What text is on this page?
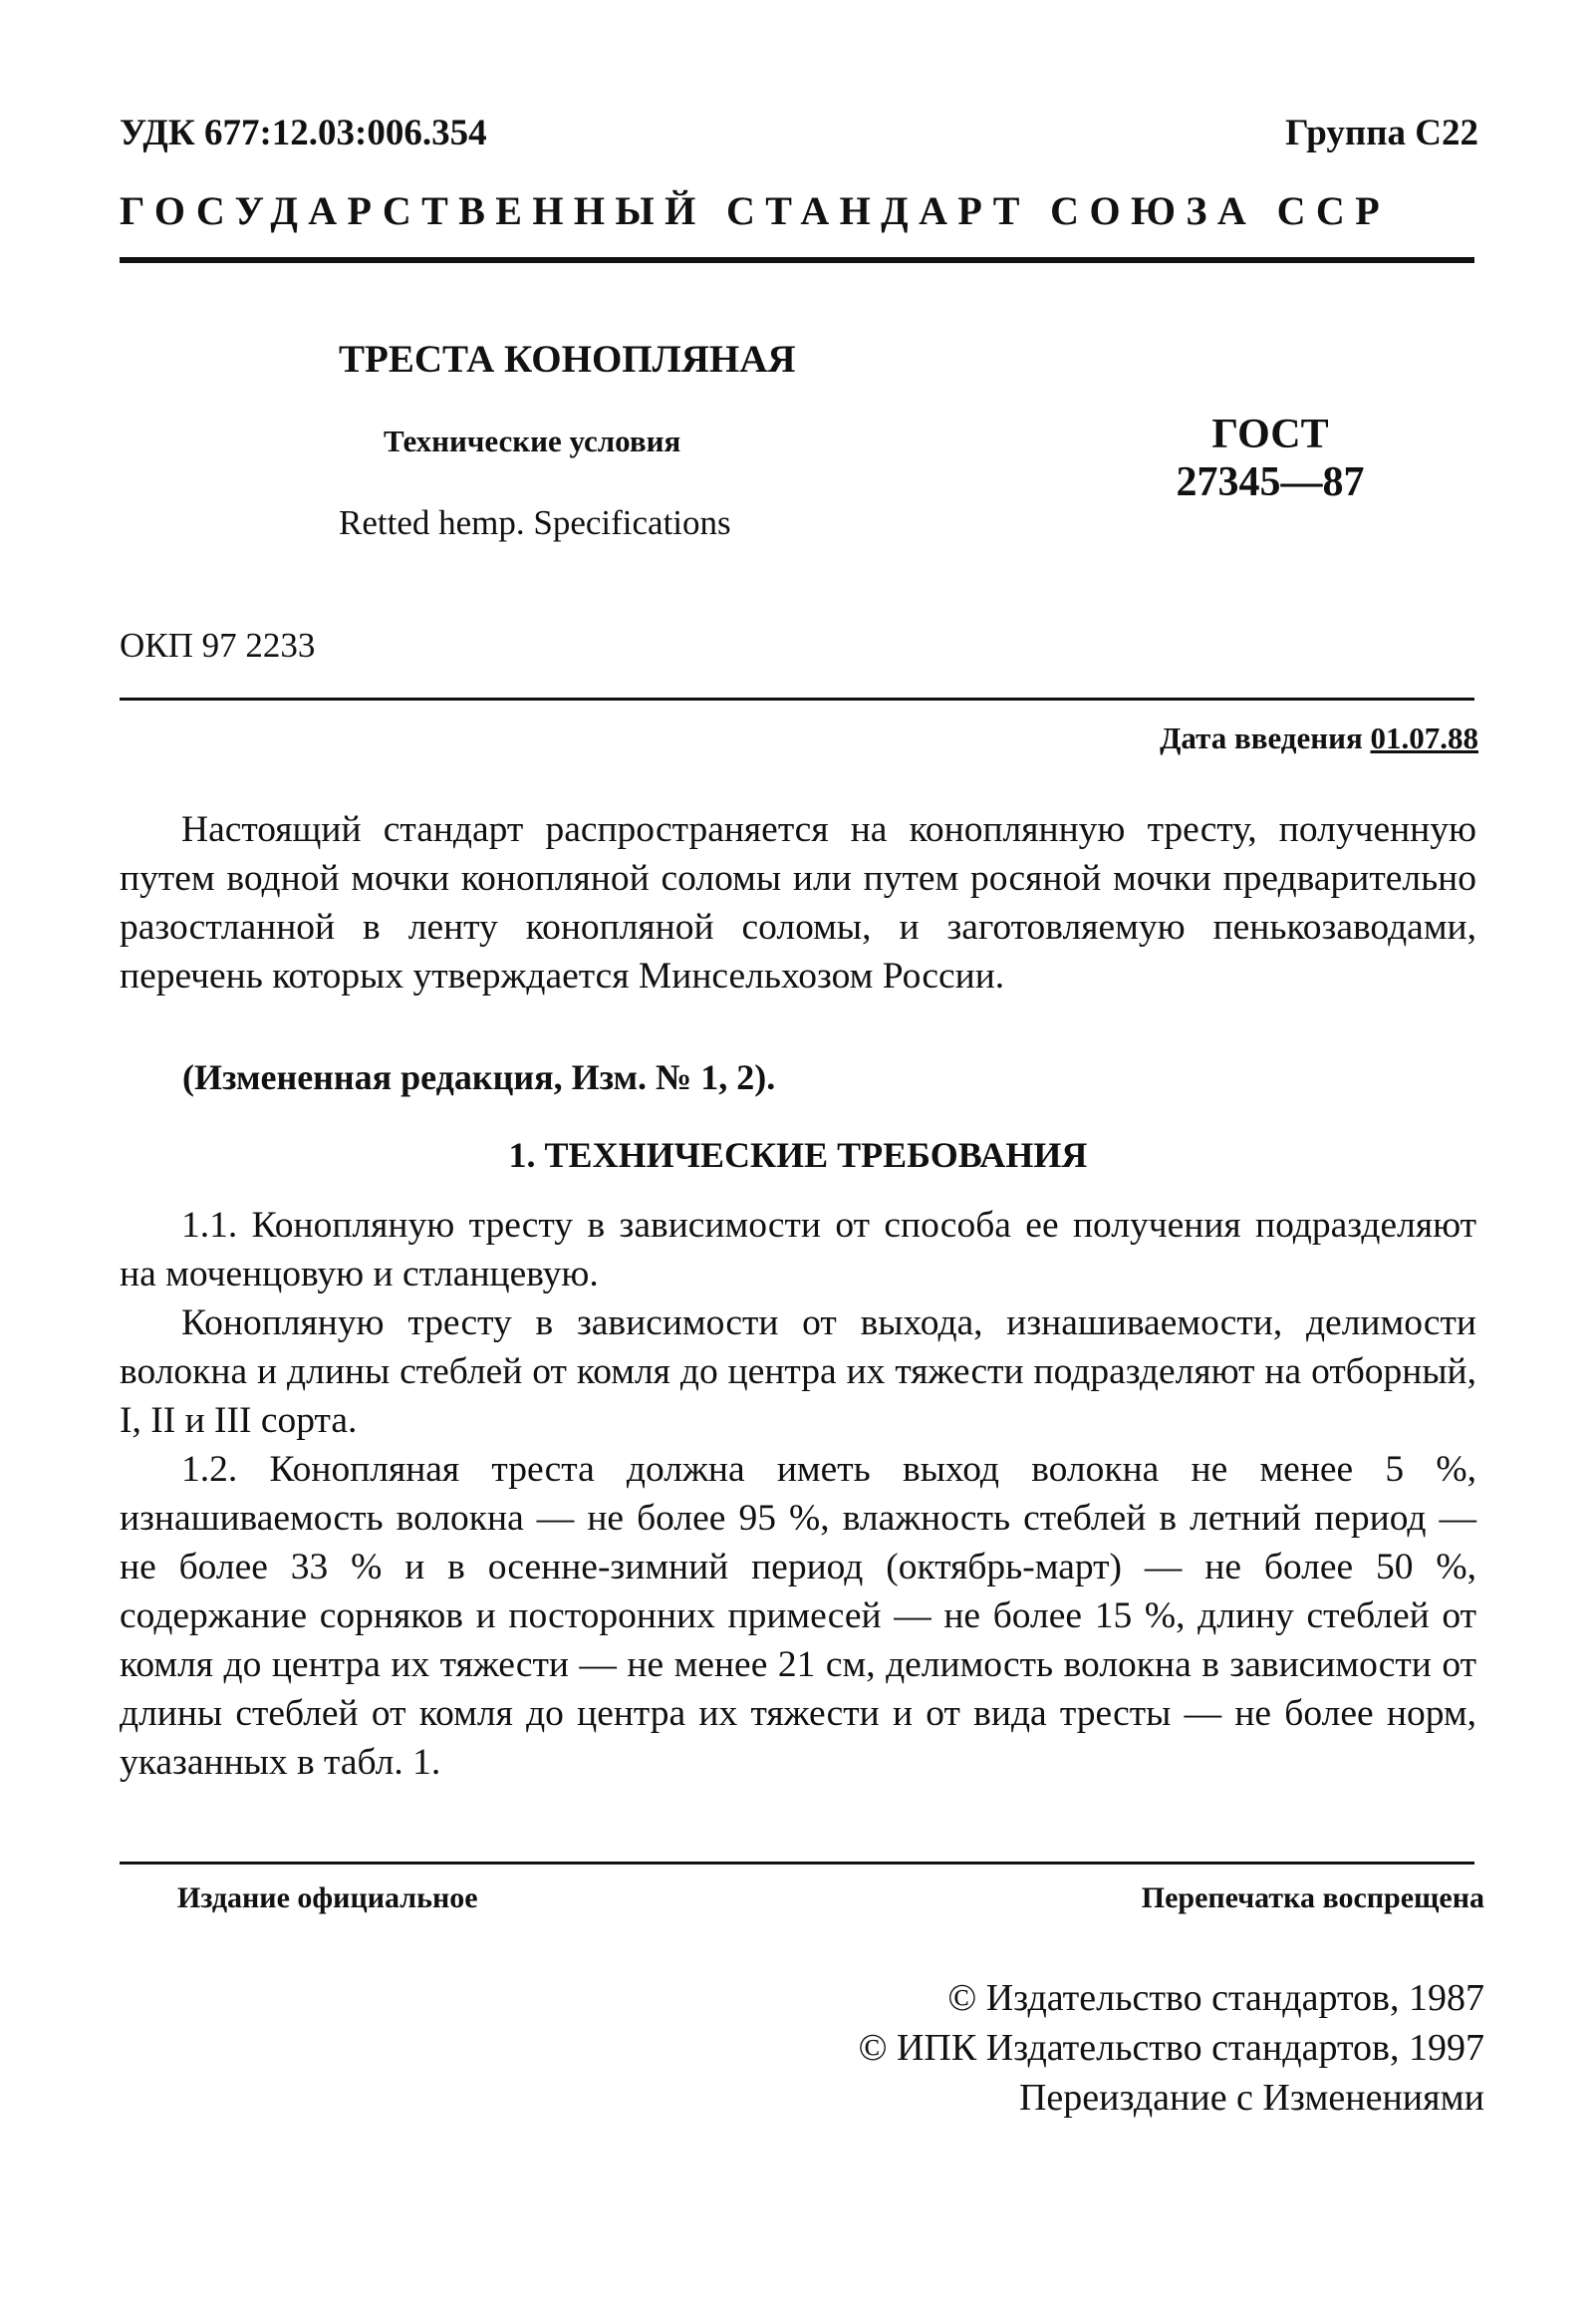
УДК 677:12.03:006.354	Группа С22
ГОСУДАРСТВЕННЫЙ СТАНДАРТ СОЮЗА ССР
ТРЕСТА КОНОПЛЯНАЯ
Технические условия
Retted hemp. Specifications
ГОСТ
27345—87
ОКП 97 2233
Дата введения 01.07.88

Настоящий стандарт распространяется на коноплянную тресту, полученную путем водной мочки конопляной соломы или путем росяной мочки предварительно разостланной в ленту конопляной соломы, и заготовляемую пенькозаводами, перечень которых утверждается Минсельхозом России.

(Измененная редакция, Изм. № 1, 2).
1. ТЕХНИЧЕСКИЕ ТРЕБОВАНИЯ

1.1. Конопляную тресту в зависимости от способа ее получения подразделяют на моченцовую и стланцевую.

Конопляную тресту в зависимости от выхода, изнашиваемости, делимости волокна и длины стеблей от комля до центра их тяжести подразделяют на отборный, I, II и III сорта.

1.2. Конопляная треста должна иметь выход волокна не менее 5 %, изнашиваемость волокна — не более 95 %, влажность стеблей в летний период — не более 33 % и в осенне-зимний период (октябрь-март) — не более 50 %, содержание сорняков и посторонних примесей — не более 15 %, длину стеблей от комля до центра их тяжести — не менее 21 см, делимость волокна в зависимости от длины стеблей от комля до центра их тяжести и от вида тресты — не более норм, указанных в табл. 1.

Издание официальное	Перепечатка воспрещена
© Издательство стандартов, 1987
© ИПК Издательство стандартов, 1997
Переиздание с Изменениями
